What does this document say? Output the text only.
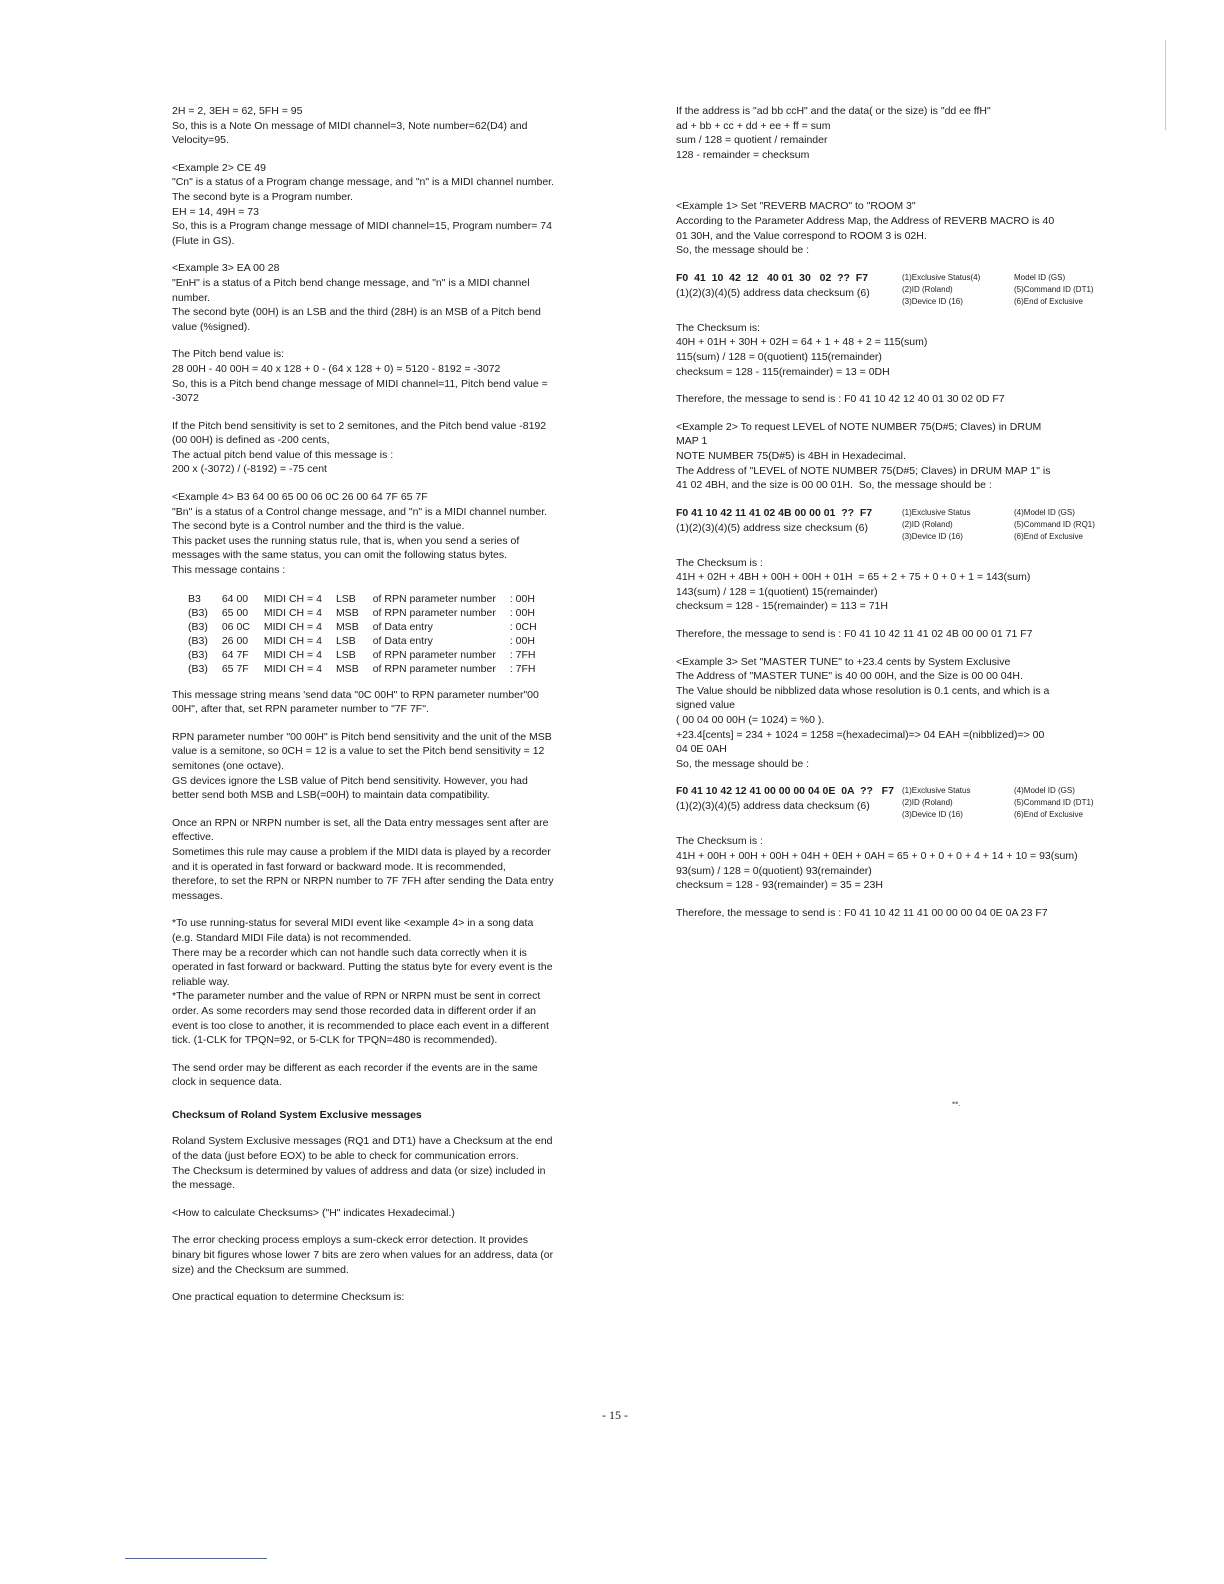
2H = 2, 3EH = 62, 5FH = 95
So, this is a Note On message of MIDI channel=3, Note number=62(D4) and
Velocity=95.
<Example 2> CE 49
"Cn" is a status of a Program change message, and "n" is a MIDI channel number.
The second byte is a Program number.
EH = 14, 49H = 73
So, this is a Program change message of MIDI channel=15, Program number= 74
(Flute in GS).
<Example 3> EA 00 28
"EnH" is a status of a Pitch bend change message, and "n" is a MIDI channel
number.
The second byte (00H) is an LSB and the third (28H) is an MSB of a Pitch bend
value (%signed).
The Pitch bend value is:
28 00H - 40 00H = 40 x 128 + 0 - (64 x 128 + 0) = 5120 - 8192 = -3072
So, this is a Pitch bend change message of MIDI channel=11, Pitch bend value =
-3072
If the Pitch bend sensitivity is set to 2 semitones, and the Pitch bend value -8192
(00 00H) is defined as -200 cents,
The actual pitch bend value of this message is :
200 x (-3072) / (-8192) = -75 cent
<Example 4> B3 64 00 65 00 06 0C 26 00 64 7F 65 7F
"Bn" is a status of a Control change message, and "n" is a MIDI channel number.
The second byte is a Control number and the third is the value.
This packet uses the running status rule, that is, when you send a series of
messages with the same status, you can omit the following status bytes.
This message contains :
B3	64 00	MIDI CH = 4	LSB	of RPN parameter number	: 00H
(B3)	65 00	MIDI CH = 4	MSB	of RPN parameter number	: 00H
(B3)	06 0C	MIDI CH = 4	MSB	of Data entry	: 0CH
(B3)	26 00	MIDI CH = 4	LSB	of Data entry	: 00H
(B3)	64 7F	MIDI CH = 4	LSB	of RPN parameter number	: 7FH
(B3)	65 7F	MIDI CH = 4	MSB	of RPN parameter number	: 7FH
This message string means 'send data "0C 00H" to RPN parameter number"00
00H", after that, set RPN parameter number to "7F 7F".
RPN parameter number "00 00H" is Pitch bend sensitivity and the unit of the MSB
value is a semitone, so 0CH = 12 is a value to set the Pitch bend sensitivity = 12
semitones (one octave).
GS devices ignore the LSB value of Pitch bend sensitivity. However, you had
better send both MSB and LSB(=00H) to maintain data compatibility.
Once an RPN or NRPN number is set, all the Data entry messages sent after are
effective.
Sometimes this rule may cause a problem if the MIDI data is played by a recorder
and it is operated in fast forward or backward mode. It is recommended,
therefore, to set the RPN or NRPN number to 7F 7FH after sending the Data entry
messages.
*To use running-status for several MIDI event like <example 4> in a song data
(e.g. Standard MIDI File data) is not recommended.
There may be a recorder which can not handle such data correctly when it is
operated in fast forward or backward. Putting the status byte for every event is the
reliable way.
*The parameter number and the value of RPN or NRPN must be sent in correct
order. As some recorders may send those recorded data in different order if an
event is too close to another, it is recommended to place each event in a different
tick. (1-CLK for TPQN=92, or 5-CLK for TPQN=480 is recommended).
The send order may be different as each recorder if the events are in the same
clock in sequence data.
Checksum of Roland System Exclusive messages
Roland System Exclusive messages (RQ1 and DT1) have a Checksum at the end
of the data (just before EOX) to be able to check for communication errors.
The Checksum is determined by values of address and data (or size) included in
the message.
<How to calculate Checksums> ("H" indicates Hexadecimal.)
The error checking process employs a sum-ckeck error detection. It provides
binary bit figures whose lower 7 bits are zero when values for an address, data (or
size) and the Checksum are summed.
One practical equation to determine Checksum is:
If the address is "ad bb ccH" and the data( or the size) is "dd ee ffH"
ad + bb + cc + dd + ee + ff = sum
sum / 128 = quotient / remainder
128 - remainder = checksum
<Example 1> Set "REVERB MACRO" to "ROOM 3"
According to the Parameter Address Map, the Address of REVERB MACRO is 40
01 30H, and the Value correspond to ROOM 3 is 02H.
So, the message should be :
F0  41  10  42  12   40 01  30   02  ??  F7
(1)(2)(3)(4)(5) address data checksum (6)
(1)Exclusive Status(4)	Model ID (GS)
(2)ID (Roland)	(5)Command ID (DT1)
(3)Device ID (16)	(6)End of Exclusive
The Checksum is:
40H + 01H + 30H + 02H = 64 + 1 + 48 + 2 = 115(sum)
115(sum) / 128 = 0(quotient) 115(remainder)
checksum = 128 - 115(remainder) = 13 = 0DH
Therefore, the message to send is : F0 41 10 42 12 40 01 30 02 0D F7
<Example 2> To request LEVEL of NOTE NUMBER 75(D#5; Claves) in DRUM
MAP 1
NOTE NUMBER 75(D#5) is 4BH in Hexadecimal.
The Address of "LEVEL of NOTE NUMBER 75(D#5; Claves) in DRUM MAP 1" is
41 02 4BH, and the size is 00 00 01H.  So, the message should be :
F0 41 10 42 11 41 02 4B 00 00 01  ??  F7
(1)(2)(3)(4)(5) address size checksum (6)
(1)Exclusive Status	(4)Model ID (GS)
(2)ID (Roland)	(5)Command ID (RQ1)
(3)Device ID (16)	(6)End of Exclusive
The Checksum is :
41H + 02H + 4BH + 00H + 00H + 01H  = 65 + 2 + 75 + 0 + 0 + 1 = 143(sum)
143(sum) / 128 = 1(quotient) 15(remainder)
checksum = 128 - 15(remainder) = 113 = 71H
Therefore, the message to send is : F0 41 10 42 11 41 02 4B 00 00 01 71 F7
<Example 3> Set "MASTER TUNE" to +23.4 cents by System Exclusive
The Address of "MASTER TUNE" is 40 00 00H, and the Size is 00 00 04H.
The Value should be nibblized data whose resolution is 0.1 cents, and which is a
signed value
( 00 04 00 00H (= 1024) = %0 ).
+23.4[cents] = 234 + 1024 = 1258 =(hexadecimal)=> 04 EAH =(nibblized)=> 00
04 0E 0AH
So, the message should be :
F0 41 10 42 12 41 00 00 00 04 0E  0A  ??   F7
(1)(2)(3)(4)(5) address data checksum (6)
(1)Exclusive Status	(4)Model ID (GS)
(2)ID (Roland)	(5)Command ID (DT1)
(3)Device ID (16)	(6)End of Exclusive
The Checksum is :
41H + 00H + 00H + 00H + 04H + 0EH + 0AH = 65 + 0 + 0 + 0 + 4 + 14 + 10 = 93(sum)
93(sum) / 128 = 0(quotient) 93(remainder)
checksum = 128 - 93(remainder) = 35 = 23H
Therefore, the message to send is : F0 41 10 42 11 41 00 00 00 04 0E 0A 23 F7
••.
- 15 -
